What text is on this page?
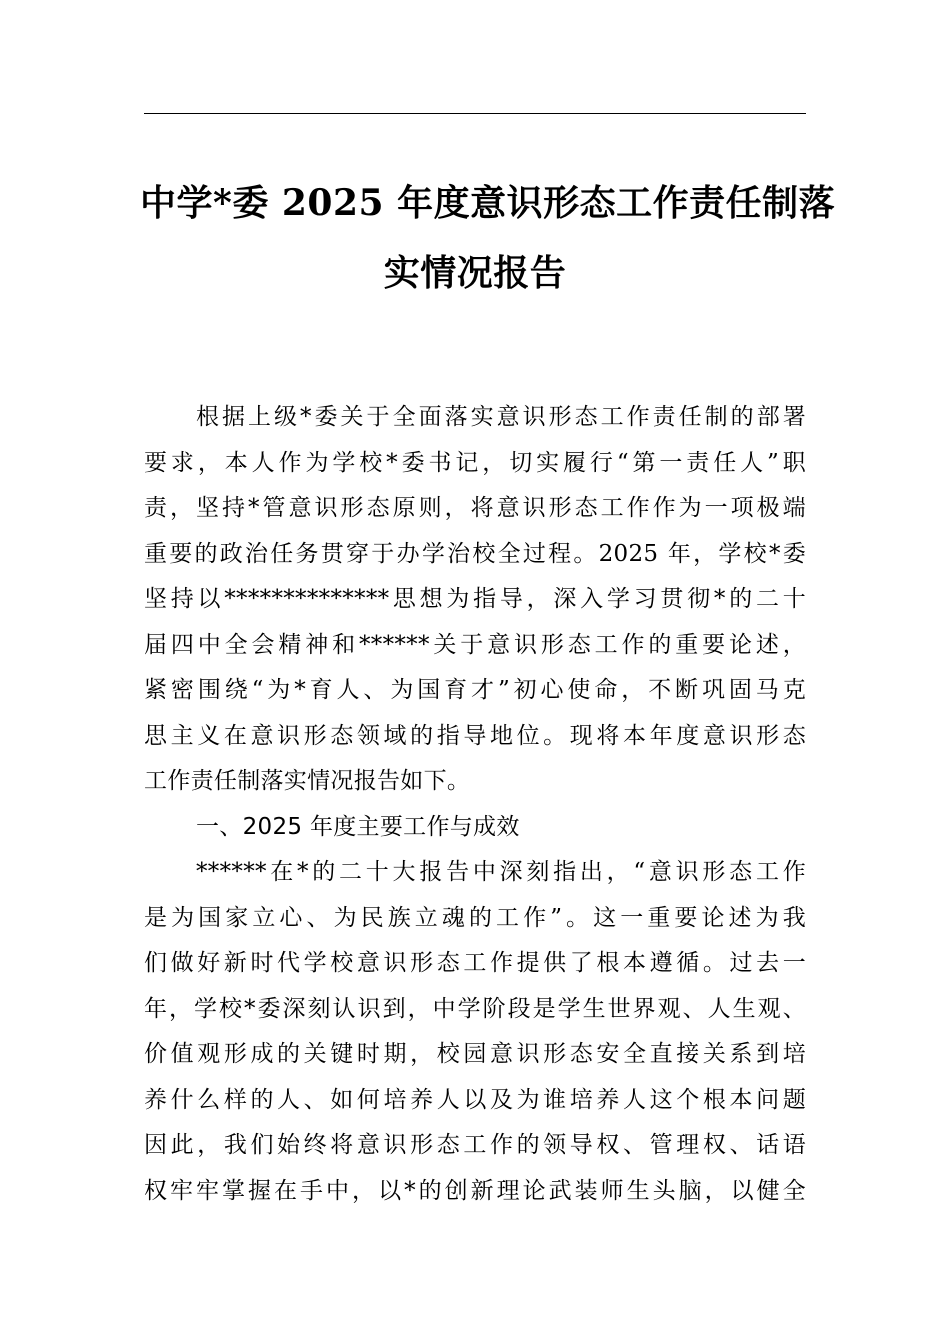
中学*委 2025 年度意识形态工作责任制落
实情况报告
根据上级*委关于全面落实意识形态工作责任制的部署
要求，本人作为学校*委书记，切实履行“第一责任人”职
责，坚持*管意识形态原则，将意识形态工作作为一项极端
重要的政治任务贯穿于办学治校全过程。2025 年，学校*委
坚持以**************思想为指导，深入学习贯彻*的二十
届四中全会精神和******关于意识形态工作的重要论述，
紧密围绕“为*育人、为国育才”初心使命，不断巩固马克
思主义在意识形态领域的指导地位。现将本年度意识形态
工作责任制落实情况报告如下。
一、2025 年度主要工作与成效
******在*的二十大报告中深刻指出，“意识形态工作
是为国家立心、为民族立魂的工作”。这一重要论述为我
们做好新时代学校意识形态工作提供了根本遵循。过去一
年，学校*委深刻认识到，中学阶段是学生世界观、人生观、
价值观形成的关键时期，校园意识形态安全直接关系到培
养什么样的人、如何培养人以及为谁培养人这个根本问题
因此，我们始终将意识形态工作的领导权、管理权、话语
权牢牢掌握在手中，以*的创新理论武装师生头脑，以健全
